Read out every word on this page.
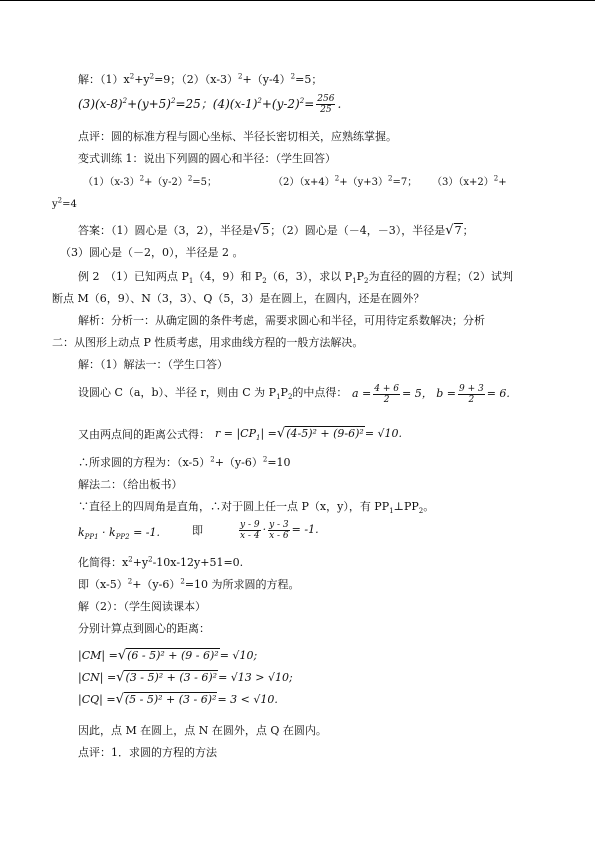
解：$(1)x^2+y^2=9$；$(2)(x-3)^2+(y-4)^2=5$；
$(3)(x-8)^2+(y+5)^2=25$；$(4)(x-1)^2+(y-2)^2= \frac{256}{25}$ .
点评：圆的标准方程与圆心坐标、半径长密切相关，应熟练掌握。
变式训练 1：说出下列圆的圆心和半径：（学生回答）
$(1)(x-3)^2+(y-2)^2=5$；	$(2)(x+4)^2+(y+3)^2=7$； $(3)(x+2)^2+$
$y^2=4$
答案：（1）圆心是（3，2），半径是√5；（2）圆心是（－4，－3），半径是√7；
（3）圆心是（－2，0），半径是 2 。
例 2　（1）已知两点 $P_1(4$，9）和 $P_2(6$，3），求以 $P_1P_2$为直径的圆的方程；（2）试判
断点 M（6，9）、N（3，3）、Q（5，3）是在圆上，在圆内，还是在圆外？
解析：分析一：从确定圆的条件考虑，需要求圆心和半径，可用待定系数解决；分析
二：从图形上动点 P 性质考虑，用求曲线方程的一般方法解决。
解：（1）解法一：（学生口答）
设圆心 C（a，b）、半径 r，则由 C 为 $P_1P_2$的中点得： $a = \frac{4 + 6}{2} = 5$， $b = \frac{9 + 3}{2} = 6$.
又由两点间的距离公式得： $r = |CP_1| =√(4-5)^2 + (9-6)^2= √10$.
∴所求圆的方程为：$(x-5)^2+(y-6)^2=10$
解法二：（给出板书）
∵直径上的四周角是直角，∴对于圆上任一点 P（x，y），有 $PP_1\perp PP_2$。
$k_{PP1} \cdot k_{PP2} = -1$.	即	$\frac{y - 9}{x - 4} \cdot \frac{y - 3}{x - 6} = -1$.
化简得：$x^2+y^2-10x-12y+51=0$.
即$(x-5)^2+(y-6)^2=10$ 为所求圆的方程。
解（2）：（学生阅读课本）
分别计算点到圆心的距离：
|CM| =√(6 - 5)² + (9 - 6)²= √10;
|CN| =√(3 - 5)² + (3 - 6)²= √13 > √10;
|CQ| =√(5 - 5)² + (3 - 6)²= 3 < √10.
因此，点 M 在圆上，点 N 在圆外，点 Q 在圆内。
点评：1．求圆的方程的方法
